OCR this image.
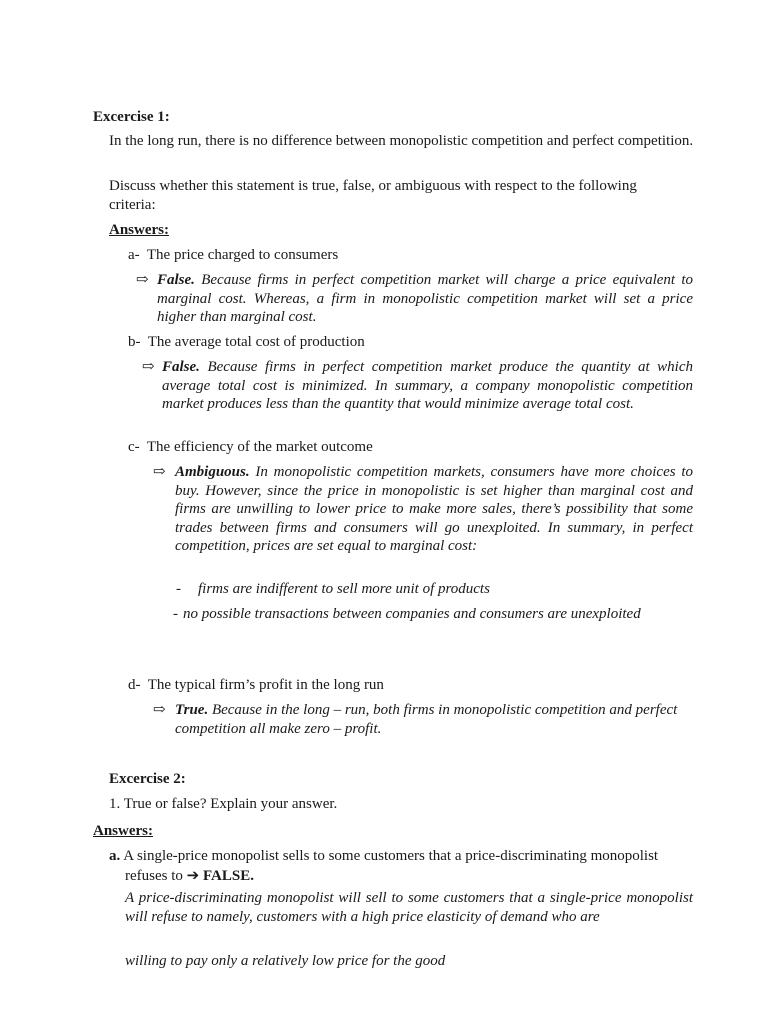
Excercise 1:
In the long run, there is no difference between monopolistic competition and perfect competition.
Discuss whether this statement is true, false, or ambiguous with respect to the following criteria:
Answers:
a- The price charged to consumers
⇨ False. Because firms in perfect competition market will charge a price equivalent to marginal cost. Whereas, a firm in monopolistic competition market will set a price higher than marginal cost.
b- The average total cost of production
⇨ False. Because firms in perfect competition market produce the quantity at which average total cost is minimized. In summary, a company monopolistic competition market produces less than the quantity that would minimize average total cost.
c- The efficiency of the market outcome
⇨ Ambiguous. In monopolistic competition markets, consumers have more choices to buy. However, since the price in monopolistic is set higher than marginal cost and firms are unwilling to lower price to make more sales, there’s possibility that some trades between firms and consumers will go unexploited. In summary, in perfect competition, prices are set equal to marginal cost:
- firms are indifferent to sell more unit of products
- no possible transactions between companies and consumers are unexploited
d- The typical firm’s profit in the long run
⇨ True. Because in the long – run, both firms in monopolistic competition and perfect competition all make zero – profit.
Excercise 2:
1. True or false? Explain your answer.
Answers:
a. A single-price monopolist sells to some customers that a price-discriminating monopolist refuses to ➔ FALSE.
A price-discriminating monopolist will sell to some customers that a single-price monopolist will refuse to namely, customers with a high price elasticity of demand who are
willing to pay only a relatively low price for the good
